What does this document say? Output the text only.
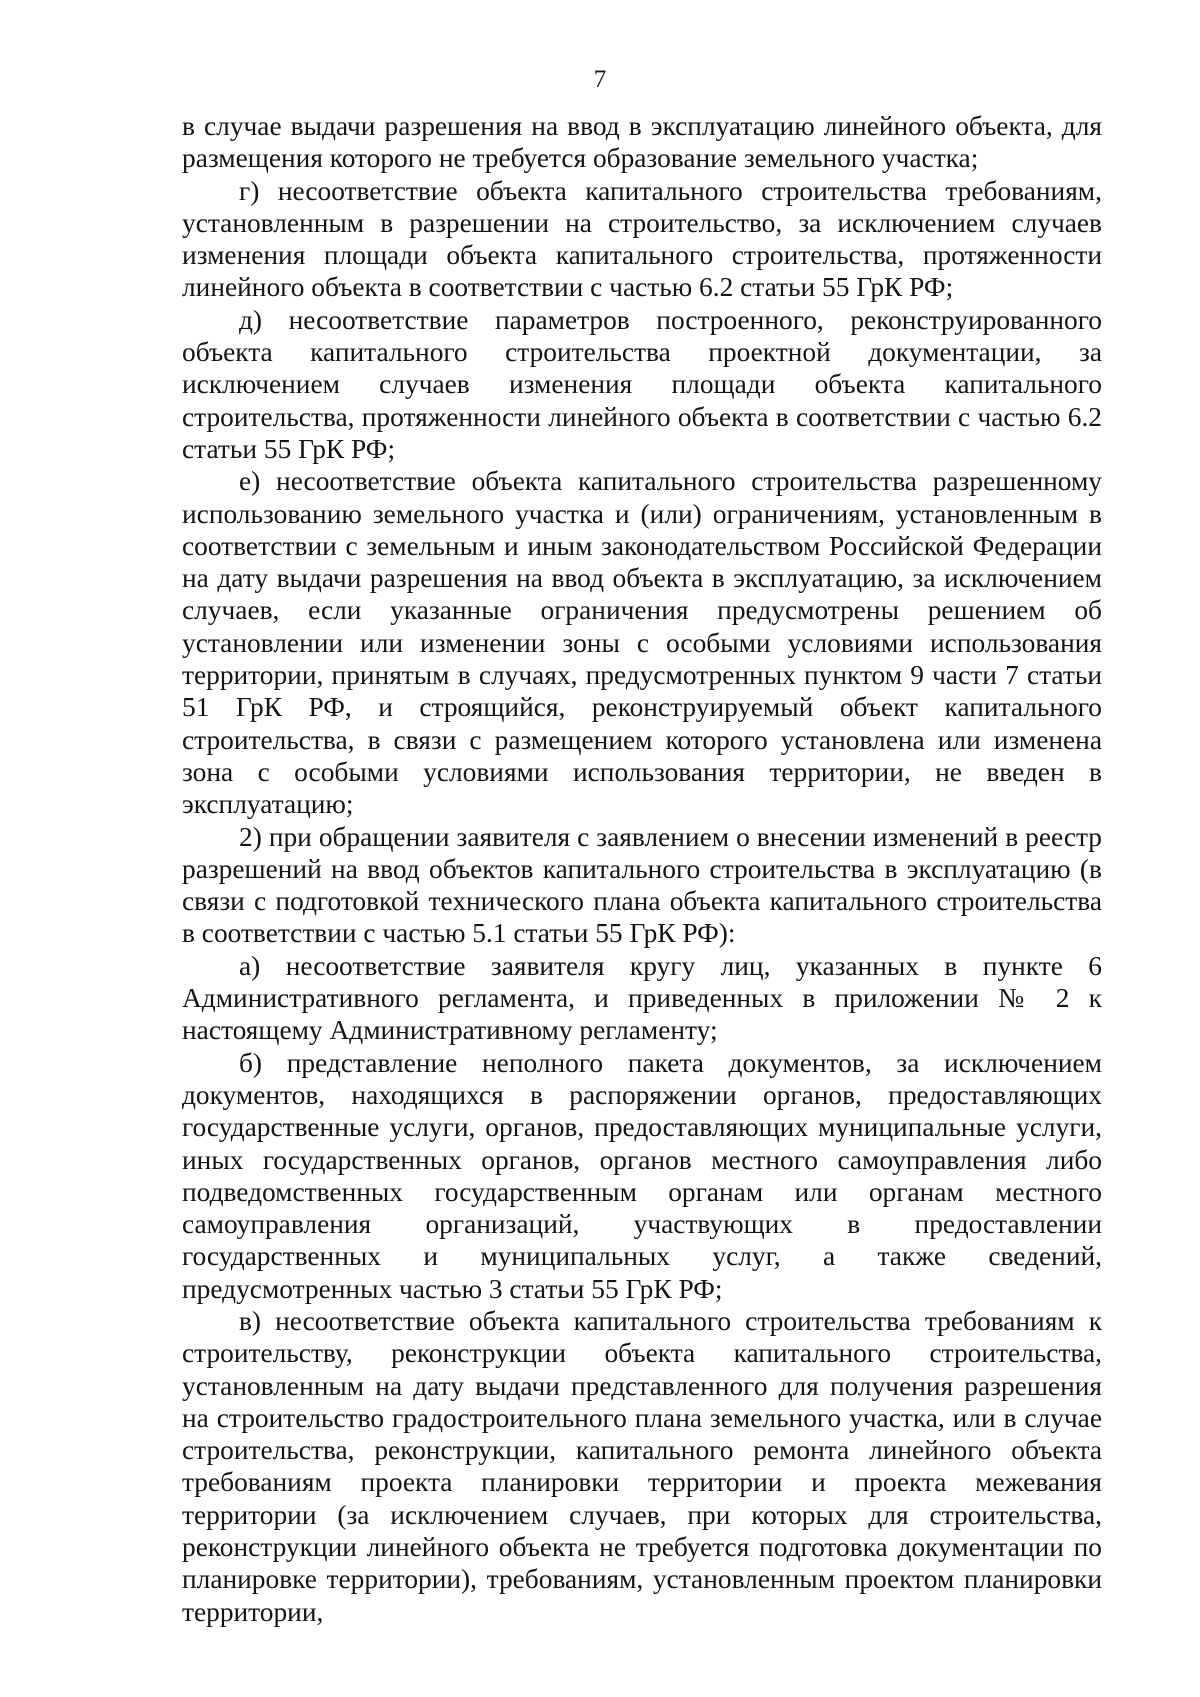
7

в случае выдачи разрешения на ввод в эксплуатацию линейного объекта, для размещения которого не требуется образование земельного участка;

г) несоответствие объекта капитального строительства требованиям, установленным в разрешении на строительство, за исключением случаев изменения площади объекта капитального строительства, протяженности линейного объекта в соответствии с частью 6.2 статьи 55 ГрК РФ;

д) несоответствие параметров построенного, реконструированного объекта капитального строительства проектной документации, за исключением случаев изменения площади объекта капитального строительства, протяженности линейного объекта в соответствии с частью 6.2 статьи 55 ГрК РФ;

е) несоответствие объекта капитального строительства разрешенному использованию земельного участка и (или) ограничениям, установленным в соответствии с земельным и иным законодательством Российской Федерации на дату выдачи разрешения на ввод объекта в эксплуатацию, за исключением случаев, если указанные ограничения предусмотрены решением об установлении или изменении зоны с особыми условиями использования территории, принятым в случаях, предусмотренных пунктом 9 части 7 статьи 51 ГрК РФ, и строящийся, реконструируемый объект капитального строительства, в связи с размещением которого установлена или изменена зона с особыми условиями использования территории, не введен в эксплуатацию;

2) при обращении заявителя с заявлением о внесении изменений в реестр разрешений на ввод объектов капитального строительства в эксплуатацию (в связи с подготовкой технического плана объекта капитального строительства в соответствии с частью 5.1 статьи 55 ГрК РФ):

а) несоответствие заявителя кругу лиц, указанных в пункте 6 Административного регламента, и приведенных в приложении № 2 к настоящему Административному регламенту;

б) представление неполного пакета документов, за исключением документов, находящихся в распоряжении органов, предоставляющих государственные услуги, органов, предоставляющих муниципальные услуги, иных государственных органов, органов местного самоуправления либо подведомственных государственным органам или органам местного самоуправления организаций, участвующих в предоставлении государственных и муниципальных услуг, а также сведений, предусмотренных частью 3 статьи 55 ГрК РФ;

в) несоответствие объекта капитального строительства требованиям к строительству, реконструкции объекта капитального строительства, установленным на дату выдачи представленного для получения разрешения на строительство градостроительного плана земельного участка, или в случае строительства, реконструкции, капитального ремонта линейного объекта требованиям проекта планировки территории и проекта межевания территории (за исключением случаев, при которых для строительства, реконструкции линейного объекта не требуется подготовка документации по планировке территории), требованиям, установленным проектом планировки территории,
